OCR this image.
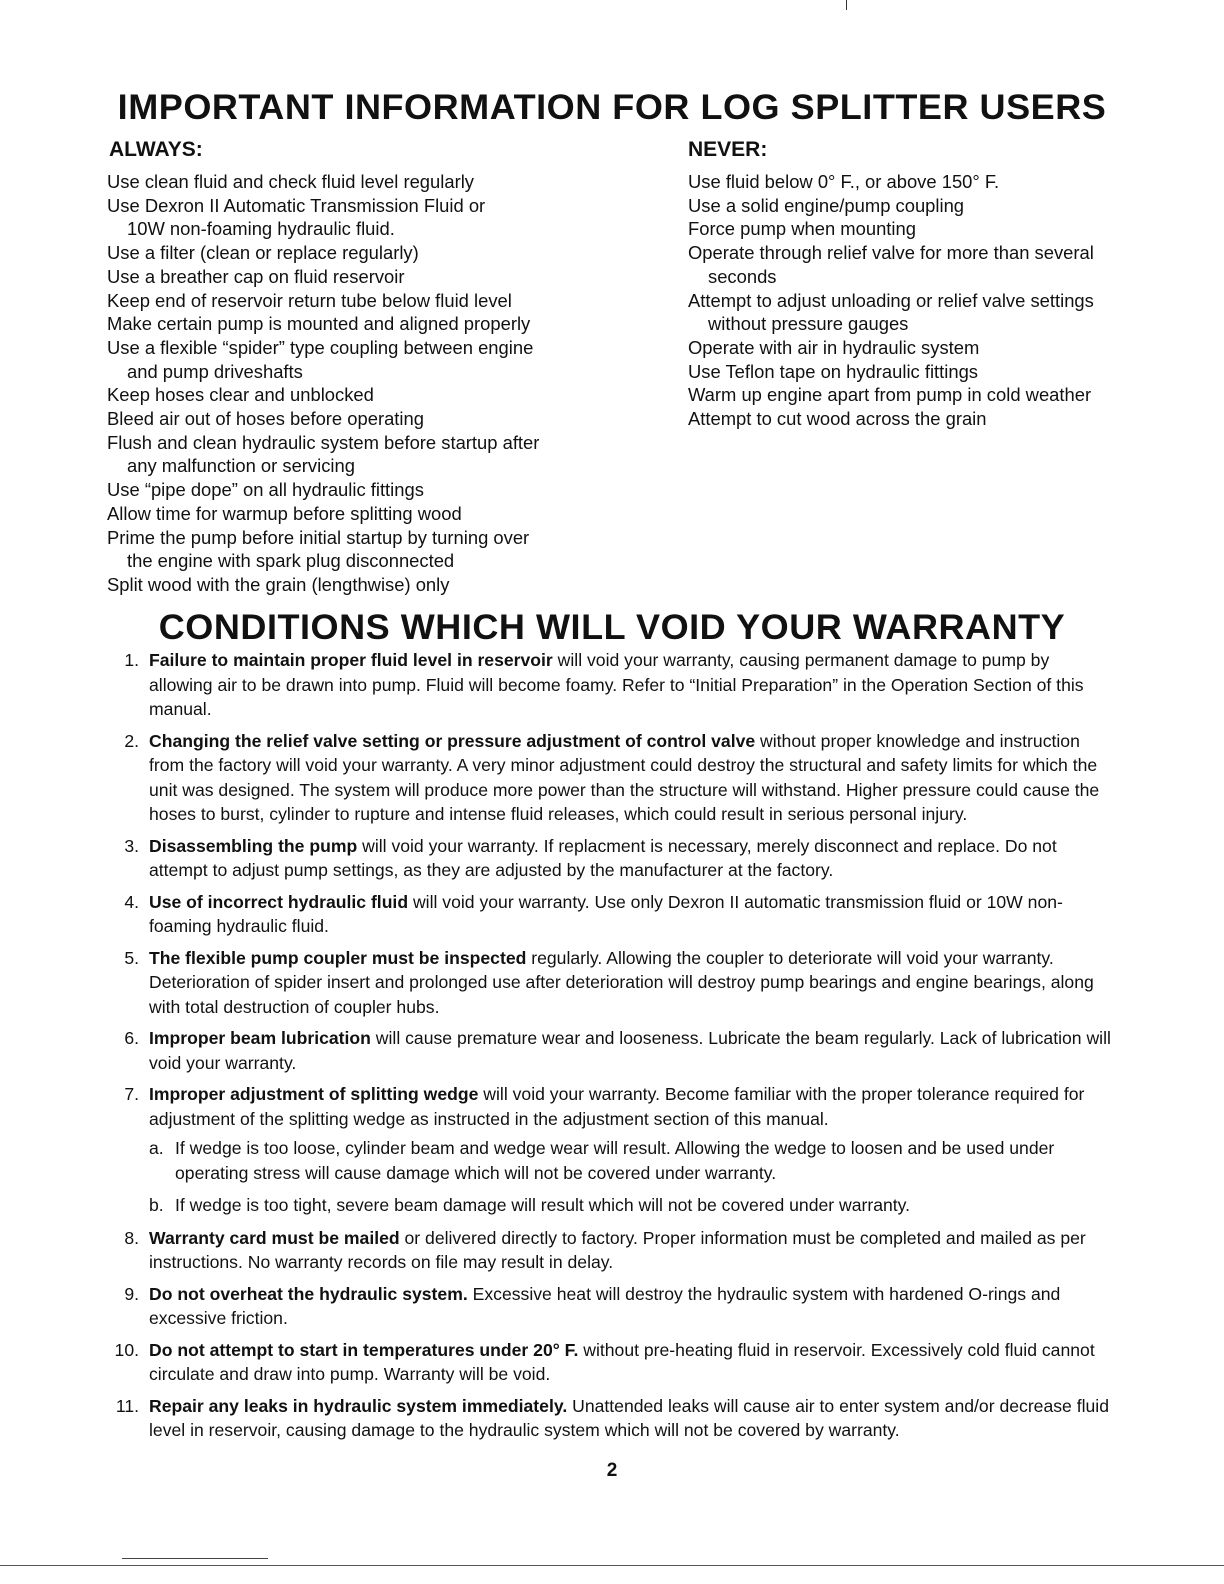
IMPORTANT INFORMATION FOR LOG SPLITTER USERS
ALWAYS:
Use clean fluid and check fluid level regularly
Use Dexron II Automatic Transmission Fluid or
10W non-foaming hydraulic fluid.
Use a filter (clean or replace regularly)
Use a breather cap on fluid reservoir
Keep end of reservoir return tube below fluid level
Make certain pump is mounted and aligned properly
Use a flexible “spider” type coupling between engine
and pump driveshafts
Keep hoses clear and unblocked
Bleed air out of hoses before operating
Flush and clean hydraulic system before startup after
any malfunction or servicing
Use “pipe dope” on all hydraulic fittings
Allow time for warmup before splitting wood
Prime the pump before initial startup by turning over
the engine with spark plug disconnected
Split wood with the grain (lengthwise) only
NEVER:
Use fluid below 0° F., or above 150° F.
Use a solid engine/pump coupling
Force pump when mounting
Operate through relief valve for more than several
seconds
Attempt to adjust unloading or relief valve settings
without pressure gauges
Operate with air in hydraulic system
Use Teflon tape on hydraulic fittings
Warm up engine apart from pump in cold weather
Attempt to cut wood across the grain
CONDITIONS WHICH WILL VOID YOUR WARRANTY
1. Failure to maintain proper fluid level in reservoir will void your warranty, causing permanent damage to pump by allowing air to be drawn into pump. Fluid will become foamy. Refer to “Initial Preparation” in the Operation Section of this manual.
2. Changing the relief valve setting or pressure adjustment of control valve without proper knowledge and instruction from the factory will void your warranty. A very minor adjustment could destroy the structural and safety limits for which the unit was designed. The system will produce more power than the structure will withstand. Higher pressure could cause the hoses to burst, cylinder to rupture and intense fluid releases, which could result in serious personal injury.
3. Disassembling the pump will void your warranty. If replacment is necessary, merely disconnect and replace. Do not attempt to adjust pump settings, as they are adjusted by the manufacturer at the factory.
4. Use of incorrect hydraulic fluid will void your warranty. Use only Dexron II automatic transmission fluid or 10W non-foaming hydraulic fluid.
5. The flexible pump coupler must be inspected regularly. Allowing the coupler to deteriorate will void your warranty. Deterioration of spider insert and prolonged use after deterioration will destroy pump bearings and engine bearings, along with total destruction of coupler hubs.
6. Improper beam lubrication will cause premature wear and looseness. Lubricate the beam regularly. Lack of lubrication will void your warranty.
7. Improper adjustment of splitting wedge will void your warranty. Become familiar with the proper tolerance required for adjustment of the splitting wedge as instructed in the adjustment section of this manual.
a. If wedge is too loose, cylinder beam and wedge wear will result. Allowing the wedge to loosen and be used under operating stress will cause damage which will not be covered under warranty.
b. If wedge is too tight, severe beam damage will result which will not be covered under warranty.
8. Warranty card must be mailed or delivered directly to factory. Proper information must be completed and mailed as per instructions. No warranty records on file may result in delay.
9. Do not overheat the hydraulic system. Excessive heat will destroy the hydraulic system with hardened O-rings and excessive friction.
10. Do not attempt to start in temperatures under 20° F. without pre-heating fluid in reservoir. Excessively cold fluid cannot circulate and draw into pump. Warranty will be void.
11. Repair any leaks in hydraulic system immediately. Unattended leaks will cause air to enter system and/or decrease fluid level in reservoir, causing damage to the hydraulic system which will not be covered by warranty.
2
